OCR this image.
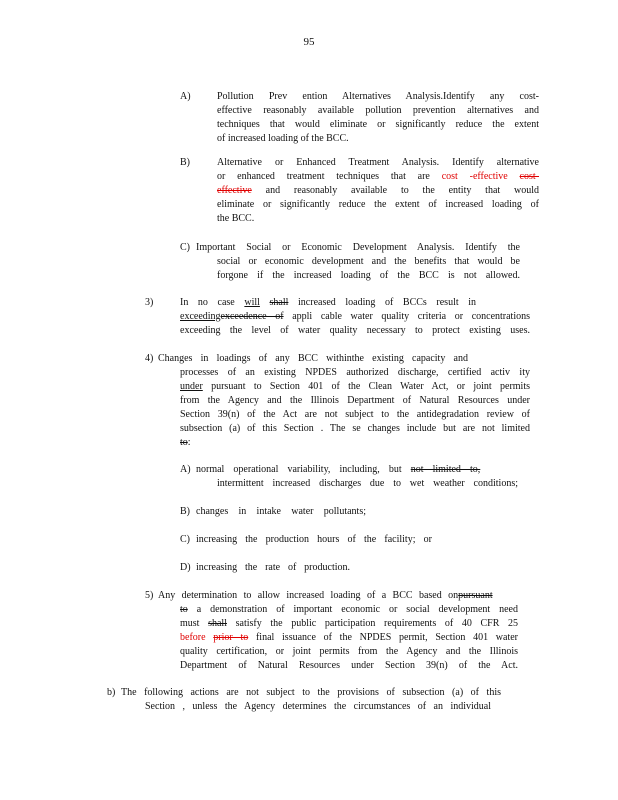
95
A)	Pollution Prev ention Alternatives Analysis.Identify any cost-
effective reasonably available pollution prevention alternatives and
techniques that would eliminate or significantly reduce the extent
of increased loading of the BCC.
B)	Alternative or Enhanced Treatment Analysis. Identify alternative
or enhanced treatment techniques that are cost -effective cost-
effective and reasonably available to the entity that would
eliminate or significantly reduce the extent of increased loading of
the BCC.
C) Important Social or Economic Development Analysis. Identify the
social or economic development and the benefits that would be
forgone if the increased loading of the BCC is not allowed.
3)	In no case will shall increased loading of BCCs result in
exceedingexceedence of appli cable water quality criteria or concentrations
exceeding the level of water quality necessary to protect existing uses.
4) Changes in loadings of any BCC withinthe existing capacity and
processes of an existing NPDES authorized discharge, certified activ ity
under pursuant to Section 401 of the Clean Water Act, or joint permits
from the Agency and the Illinois Department of Natural Resources under
Section 39(n) of the Act are not subject to the antidegradation review of
subsection (a) of this Section . The se changes include but are not limited
to:
A) normal operational variability, including, but not limited to,
intermittent increased discharges due to wet weather conditions;
B) changes in intake water pollutants;
C) increasing the production hours of the facility; or
D) increasing the rate of production.
5) Any determination to allow increased loading of a BCC based onpursuant
to a demonstration of important economic or social development need
must shall satisfy the public participation requirements of 40 CFR 25
before prior to final issuance of the NPDES permit, Section 401 water
quality certification, or joint permits from the Agency and the Illinois
Department of Natural Resources under Section 39(n) of the Act.
b) The following actions are not subject to the provisions of subsection (a) of this
Section , unless the Agency determines the circumstances of an individual
